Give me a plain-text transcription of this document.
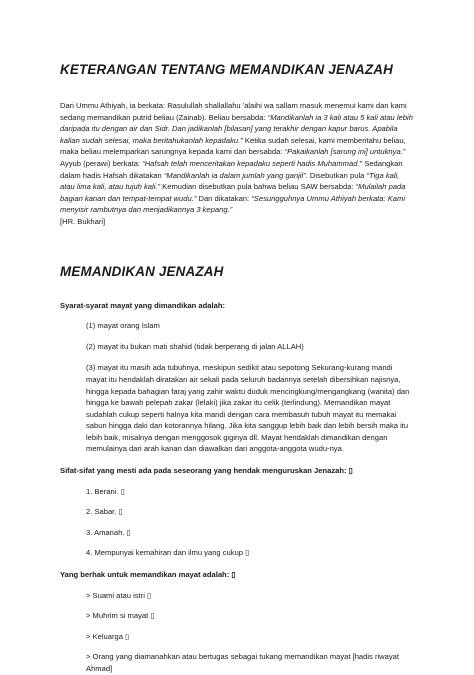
KETERANGAN TENTANG MEMANDIKAN JENAZAH
Dari Ummu Athiyah, ia berkata: Rasulullah shallallahu 'alaihi wa sallam masuk menemui kami dan kami sedang memandikan putrid beliau (Zainab). Beliau bersabda: “Mandikanlah ia 3 kali atau 5 kali atau lebih daripada itu dengan air dan Sidr. Dan jadikanlah [bilasan] yang terakhir dengan kapur barus. Apabila kalian sudah selesai, maka beritahukanlah kepadaku.” Ketika sudah selesai, kami memberitahu beliau, maka beliau melemparkan sarungnya kepada kami dan bersabda: “Pakaikanlah [sarung ini] untuknya.” Ayyub (perawi) berkata: “Hafsah telah menceritakan kepadaku seperti hadis Muhammad.” Sedangkan dalam hadis Hafsah dikatakan “Mandikanlah ia dalam jumlah yang ganjil”. Disebutkan pula “Tiga kali, atau lima kali, atau tujuh kali.” Kemudian disebutkan pula bahwa beliau SAW bersabda: “Mulailah pada bagian kanan dan tempat-tempat wudu.” Dan dikatakan: “Sesungguhnya Ummu Athiyah berkata: Kami menyisir rambutnya dan menjadikannya 3 kepang.”
[HR. Bukhari]
MEMANDIKAN JENAZAH
Syarat-syarat mayat yang dimandikan adalah:
(1) mayat orang Islam
(2) mayat itu bukan mati shahid (tidak berperang di jalan ALLAH)
(3) mayat itu masih ada tubuhnya, meskipun sedikit atau sepotong Sekurang-kurang mandi mayat itu hendaklah diratakan air sekali pada seluruh badannya setelah dibersihkan najisnya, hingga kepada bahagian faraj yang zahir waktu duduk mencingkung/mengangkang (wanita) dan hingga ke bawah pelepah zakar (lelaki) jika zakar itu celik (terlindung). Memandikan mayat sudahlah cukup seperti halnya kita mandi dengan cara membasuh tubuh mayat itu memakai sabun hingga daki dan kotorannya hilang. Jika kita sanggup lebih baik dan lebih bersih maka itu lebih baik, misalnya dengan menggosok giginya dll. Mayat hendaklah dimandikan dengan memulainya dari arah kanan dan diawalkan dari anggota-anggota wudu-nya.
Sifat-sifat yang mesti ada pada seseorang yang hendak menguruskan Jenazah: ▯
1. Berani. ▯
2. Sabar. ▯
3. Amanah. ▯
4. Mempunyai kemahiran dan ilmu yang cukup ▯
Yang berhak untuk memandikan mayat adalah: ▯
> Suami atau istri ▯
> Muhrim si mayat ▯
> Keluarga ▯
> Orang yang diamanahkan atau bertugas sebagai tukang memandikan mayat [hadis riwayat Ahmad]
